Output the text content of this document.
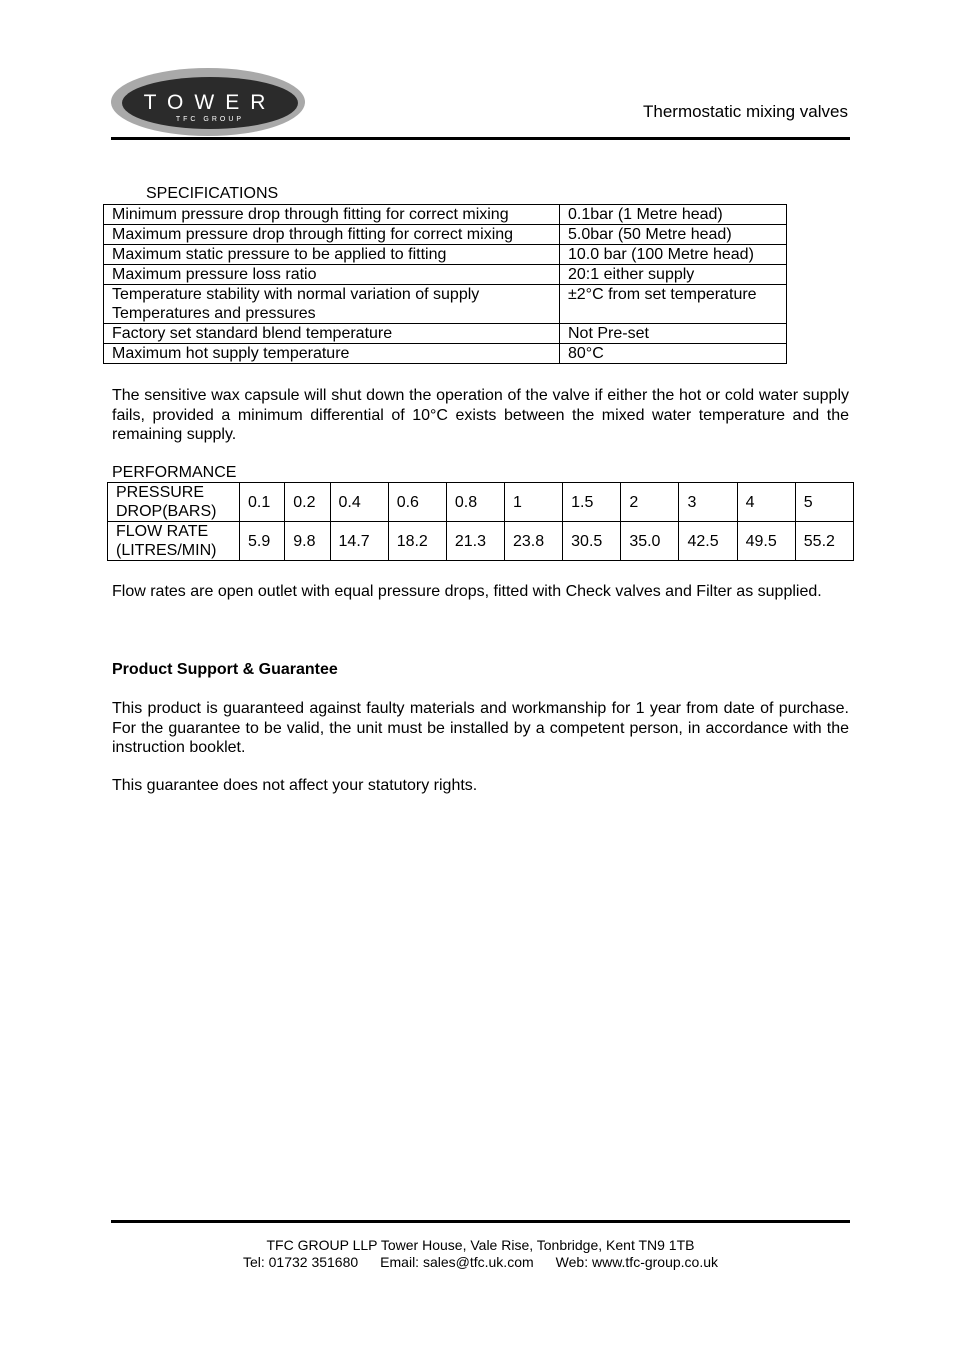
TOWER
TFC GROUP	Thermostatic mixing valves
SPECIFICATIONS
Minimum pressure drop through fitting for correct mixing	0.1bar (1 Metre head)
Maximum pressure drop through fitting for correct mixing	5.0bar (50 Metre head)
Maximum static pressure to be applied to fitting	10.0 bar (100 Metre head)
Maximum pressure loss ratio	20:1 either supply

Temperature stability with normal variation of supply
Temperatures and pressures	±2°C from set temperature
Factory set standard blend temperature	Not Pre-set
Maximum hot supply temperature	80°C

The sensitive wax capsule will shut down the operation of the valve if either the hot or cold water supply fails, provided a minimum differential of 10°C exists between the mixed water temperature and the remaining supply.

PERFORMANCE
PRESSURE
DROP(BARS)	0.1	0.2	0.4	0.6	0.8	1	1.5	2	3	4	5

FLOW RATE
(LITRES/MIN)	5.9	9.8	14.7	18.2	21.3	23.8	30.5	35.0	42.5	49.5	55.2

Flow rates are open outlet with equal pressure drops, fitted with Check valves and Filter as supplied.

Product Support & Guarantee

This product is guaranteed against faulty materials and workmanship for 1 year from date of purchase. For the guarantee to be valid, the unit must be installed by a competent person, in accordance with the instruction booklet.

This guarantee does not affect your statutory rights.

TFC GROUP LLP Tower House, Vale Rise, Tonbridge, Kent TN9 1TB
Tel: 01732 351680 Email: sales@tfc.uk.com Web: www.tfc-group.co.uk
